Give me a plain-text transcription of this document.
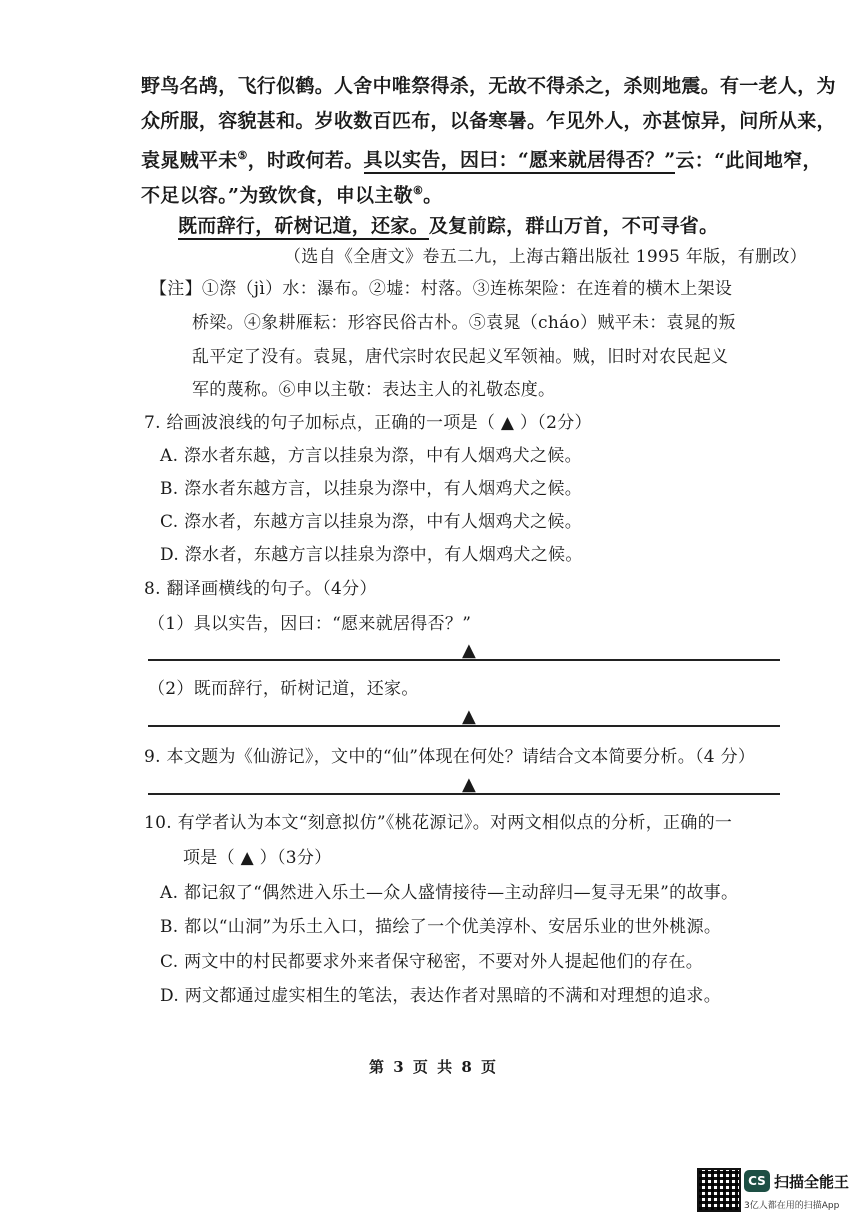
野鸟名鸪，飞行似鹤。人舍中唯祭得杀，无故不得杀之，杀则地震。有一老人，为
众所服，容貌甚和。岁收数百匹布，以备寒暑。乍见外人，亦甚惊异，问所从来，
袁晁贼平未⑤，时政何若。具以实告，因曰：“愿来就居得否？”云：“此间地窄，
不足以容。”为致饮食，申以主敬⑥。
既而辞行，斫树记道，还家。及复前踪，群山万首，不可寻省。
（选自《全唐文》卷五二九，上海古籍出版社 1995 年版，有删改）
【注】①漈（jì）水：瀑布。②墟：村落。③连栋架险：在连着的横木上架设
桥梁。④象耕雁耘：形容民俗古朴。⑤袁晁（cháo）贼平未：袁晁的叛
乱平定了没有。袁晁，唐代宗时农民起义军领袖。贼，旧时对农民起义
军的蔑称。⑥申以主敬：表达主人的礼敬态度。
7. 给画波浪线的句子加标点，正确的一项是（ ▲ ）（2分）
A. 漈水者东越，方言以挂泉为漈，中有人烟鸡犬之候。
B. 漈水者东越方言，以挂泉为漈中，有人烟鸡犬之候。
C. 漈水者，东越方言以挂泉为漈，中有人烟鸡犬之候。
D. 漈水者，东越方言以挂泉为漈中，有人烟鸡犬之候。
8. 翻译画横线的句子。（4分）
（1）具以实告，因曰：“愿来就居得否？”
▲
（2）既而辞行，斫树记道，还家。
▲
9. 本文题为《仙游记》，文中的“仙”体现在何处？请结合文本简要分析。（4 分）
▲
10. 有学者认为本文“刻意拟仿”《桃花源记》。对两文相似点的分析，正确的一
项是（ ▲ ）（3分）
A. 都记叙了“偶然进入乐土—众人盛情接待—主动辞归—复寻无果”的故事。
B. 都以“山洞”为乐土入口，描绘了一个优美淳朴、安居乐业的世外桃源。
C. 两文中的村民都要求外来者保守秘密，不要对外人提起他们的存在。
D. 两文都通过虚实相生的笔法，表达作者对黑暗的不满和对理想的追求。
第 3 页 共 8 页
CS 扫描全能王
3亿人都在用的扫描App
